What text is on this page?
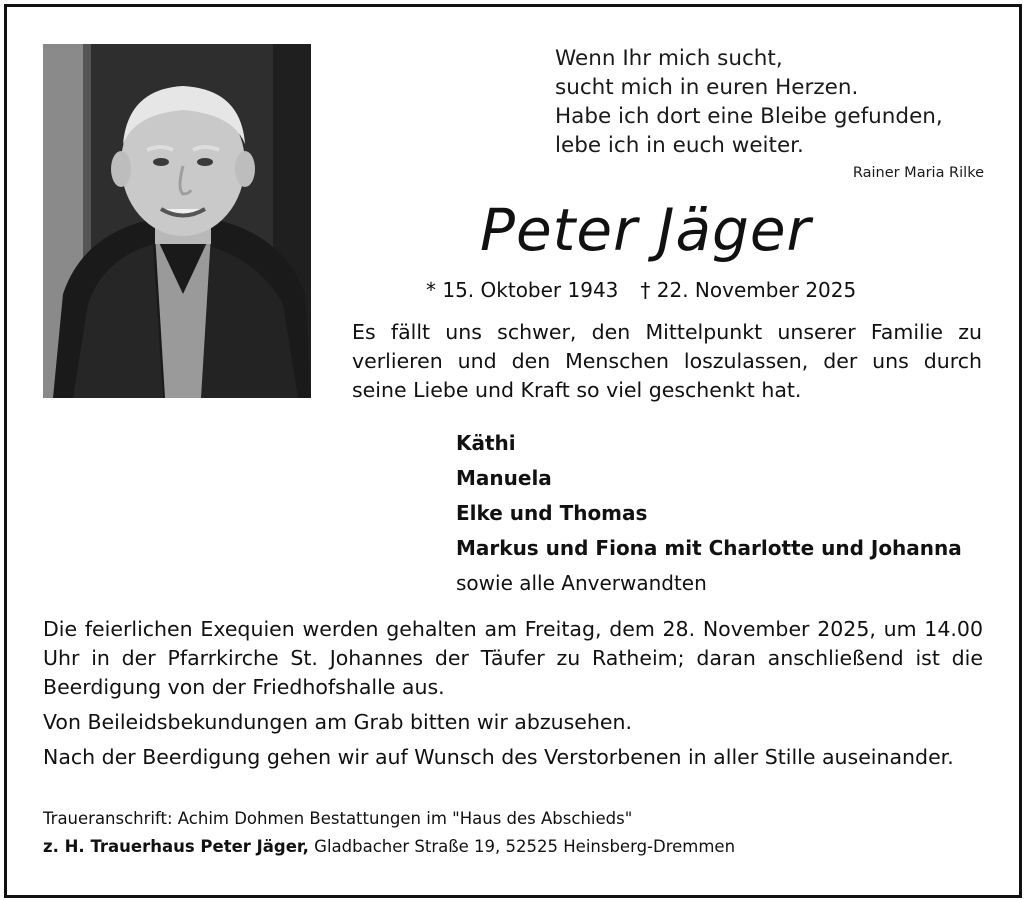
Wenn Ihr mich sucht,
sucht mich in euren Herzen.
Habe ich dort eine Bleibe gefunden,
lebe ich in euch weiter.
Rainer Maria Rilke
Peter Jäger
* 15. Oktober 1943 † 22. November 2025
Es fällt uns schwer, den Mittelpunkt unserer Familie zu verlieren und den Menschen loszulassen, der uns durch seine Liebe und Kraft so viel geschenkt hat.
Käthi
Manuela
Elke und Thomas
Markus und Fiona mit Charlotte und Johanna
sowie alle Anverwandten

Die feierlichen Exequien werden gehalten am Freitag, dem 28. November 2025, um 14.00 Uhr in der Pfarrkirche St. Johannes der Täufer zu Ratheim; daran anschließend ist die Beerdigung von der Friedhofshalle aus.

Von Beileidsbekundungen am Grab bitten wir abzusehen.

Nach der Beerdigung gehen wir auf Wunsch des Verstorbenen in aller Stille auseinander.

Traueranschrift: Achim Dohmen Bestattungen im "Haus des Abschieds"
z. H. Trauerhaus Peter Jäger, Gladbacher Straße 19, 52525 Heinsberg-Dremmen
